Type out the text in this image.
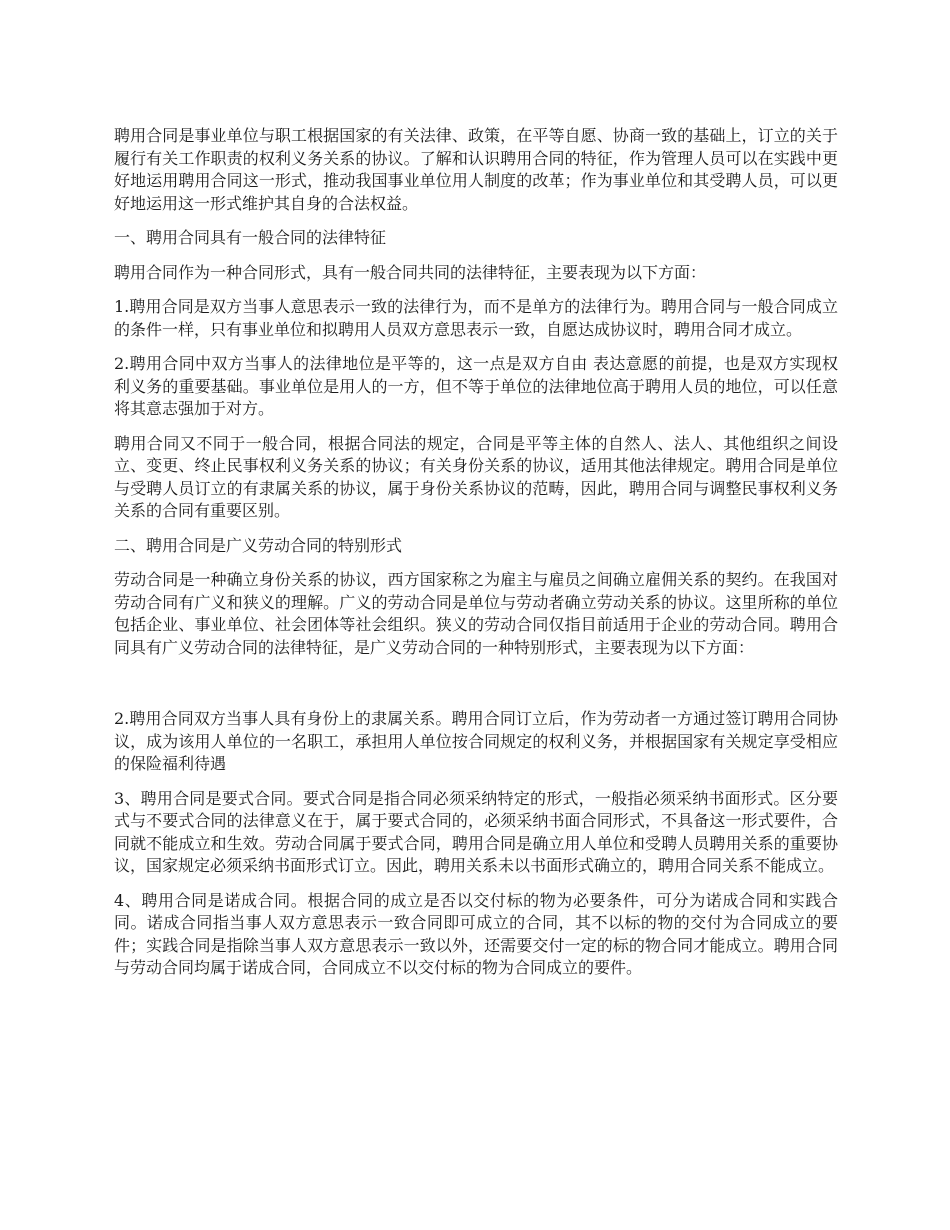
聘用合同是事业单位与职工根据国家的有关法律、政策，在平等自愿、协商一致的基础上，订立的关于履行有关工作职责的权利义务关系的协议。了解和认识聘用合同的特征，作为管理人员可以在实践中更好地运用聘用合同这一形式，推动我国事业单位用人制度的改革；作为事业单位和其受聘人员，可以更好地运用这一形式维护其自身的合法权益。

一、聘用合同具有一般合同的法律特征

聘用合同作为一种合同形式，具有一般合同共同的法律特征，主要表现为以下方面：

1.聘用合同是双方当事人意思表示一致的法律行为，而不是单方的法律行为。聘用合同与一般合同成立的条件一样，只有事业单位和拟聘用人员双方意思表示一致，自愿达成协议时，聘用合同才成立。

2.聘用合同中双方当事人的法律地位是平等的，这一点是双方自由 表达意愿的前提，也是双方实现权利义务的重要基础。事业单位是用人的一方，但不等于单位的法律地位高于聘用人员的地位，可以任意将其意志强加于对方。

聘用合同又不同于一般合同，根据合同法的规定，合同是平等主体的自然人、法人、其他组织之间设立、变更、终止民事权利义务关系的协议；有关身份关系的协议，适用其他法律规定。聘用合同是单位与受聘人员订立的有隶属关系的协议，属于身份关系协议的范畴，因此，聘用合同与调整民事权利义务关系的合同有重要区别。

二、聘用合同是广义劳动合同的特别形式

劳动合同是一种确立身份关系的协议，西方国家称之为雇主与雇员之间确立雇佣关系的契约。在我国对劳动合同有广义和狭义的理解。广义的劳动合同是单位与劳动者确立劳动关系的协议。这里所称的单位包括企业、事业单位、社会团体等社会组织。狭义的劳动合同仅指目前适用于企业的劳动合同。聘用合同具有广义劳动合同的法律特征，是广义劳动合同的一种特别形式，主要表现为以下方面：

2.聘用合同双方当事人具有身份上的隶属关系。聘用合同订立后，作为劳动者一方通过签订聘用合同协议，成为该用人单位的一名职工，承担用人单位按合同规定的权利义务，并根据国家有关规定享受相应的保险福利待遇

3、聘用合同是要式合同。要式合同是指合同必须采纳特定的形式，一般指必须采纳书面形式。区分要式与不要式合同的法律意义在于，属于要式合同的，必须采纳书面合同形式，不具备这一形式要件，合同就不能成立和生效。劳动合同属于要式合同，聘用合同是确立用人单位和受聘人员聘用关系的重要协议，国家规定必须采纳书面形式订立。因此，聘用关系未以书面形式确立的，聘用合同关系不能成立。

4、聘用合同是诺成合同。根据合同的成立是否以交付标的物为必要条件，可分为诺成合同和实践合同。诺成合同指当事人双方意思表示一致合同即可成立的合同，其不以标的物的交付为合同成立的要件；实践合同是指除当事人双方意思表示一致以外，还需要交付一定的标的物合同才能成立。聘用合同与劳动合同均属于诺成合同，合同成立不以交付标的物为合同成立的要件。
